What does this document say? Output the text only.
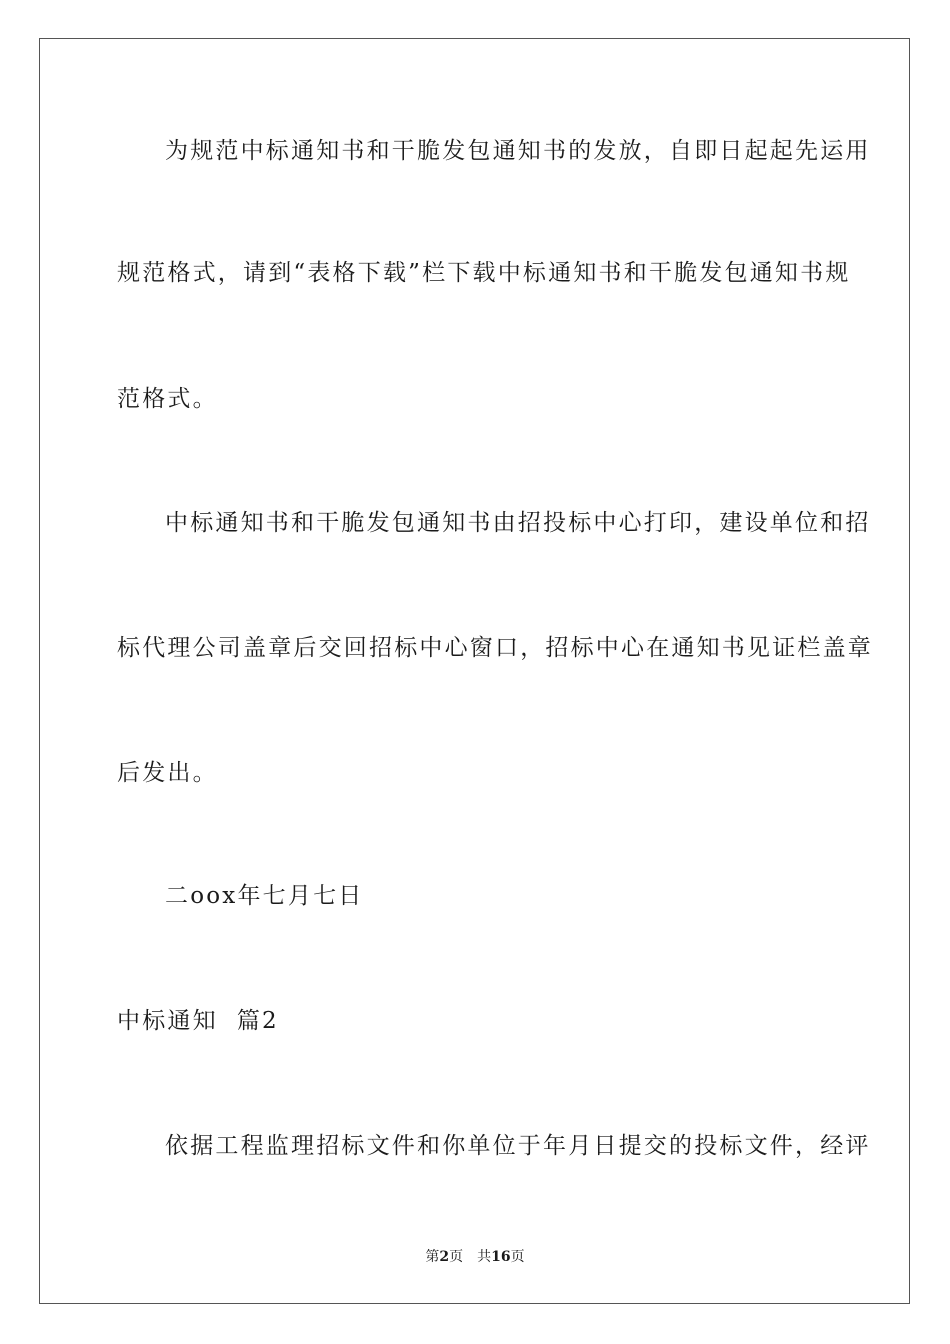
为规范中标通知书和干脆发包通知书的发放，自即日起起先运用

规范格式，请到“表格下载”栏下载中标通知书和干脆发包通知书规

范格式。

中标通知书和干脆发包通知书由招投标中心打印，建设单位和招

标代理公司盖章后交回招标中心窗口，招标中心在通知书见证栏盖章

后发出。

二oox年七月七日

中标通知  篇2

依据工程监理招标文件和你单位于年月日提交的投标文件，经评

第2页 共16页
